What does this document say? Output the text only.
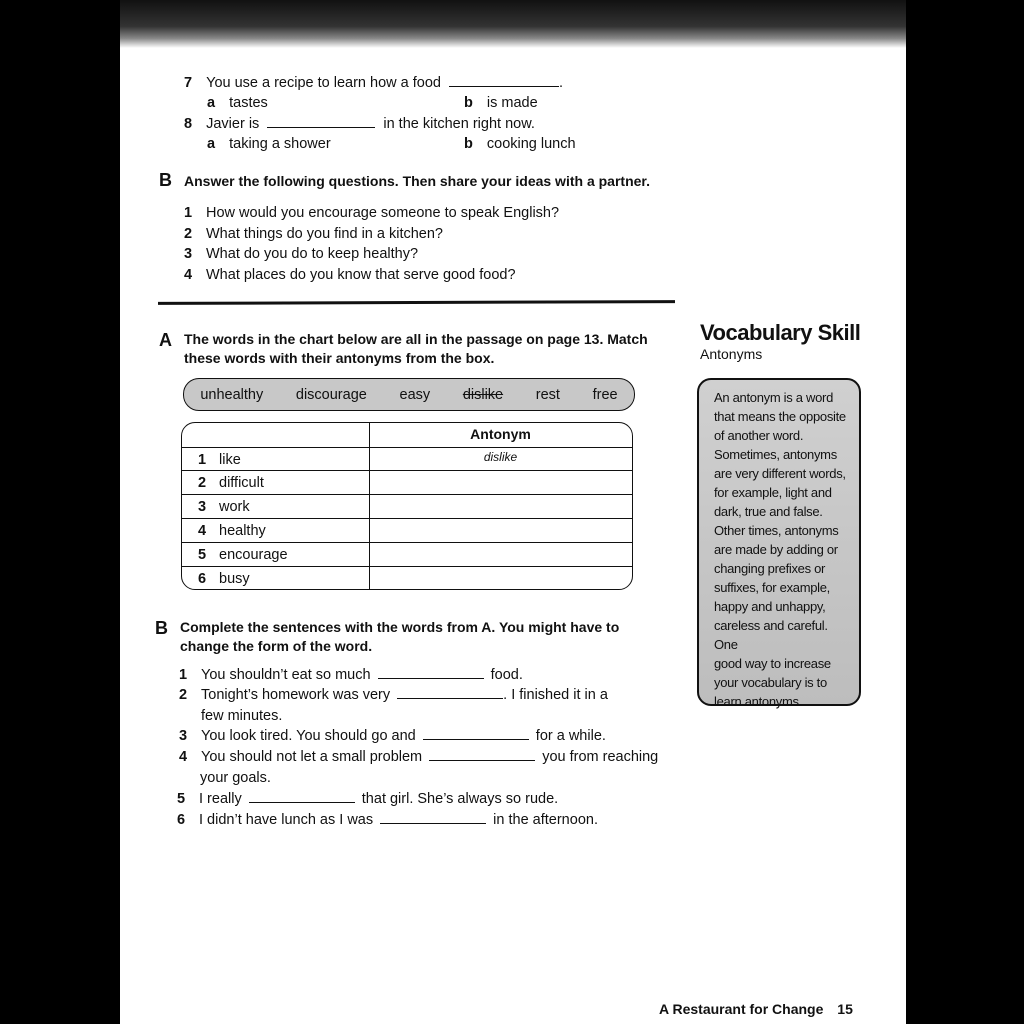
7 You use a recipe to learn how a food	.
a tastes	b is made
8 Javier is	in the kitchen right now.
a taking a shower	b cooking lunch
B Answer the following questions. Then share your ideas with a partner.
1 How would you encourage someone to speak English?
2 What things do you find in a kitchen?
3 What do you do to keep healthy?
4 What places do you know that serve good food?
A The words in the chart below are all in the passage on page 13. Match
these words with their antonyms from the box.
unhealthy discourage easy dislike rest free
Antonym
1 like	dislike
2 difficult
3 work
4 healthy
5 encourage
6 busy
B Complete the sentences with the words from A. You might have to
change the form of the word.
1 You shouldn’t eat so much	food.
2 Tonight’s homework was very	. I finished it in a
few minutes.
3 You look tired. You should go and	for a while.
4 You should not let a small problem	you from reaching
your goals.
5 I really	that girl. She’s always so rude.
6 I didn’t have lunch as I was	in the afternoon.
Vocabulary Skill
Antonyms
An antonym is a word
that means the opposite
of another word.
Sometimes, antonyms
are very different words,
for example, light and
dark, true and false.
Other times, antonyms
are made by adding or
changing prefixes or
suffixes, for example,
happy and unhappy,
careless and careful. One
good way to increase
your vocabulary is to
learn antonyms.
A Restaurant for Change 15
